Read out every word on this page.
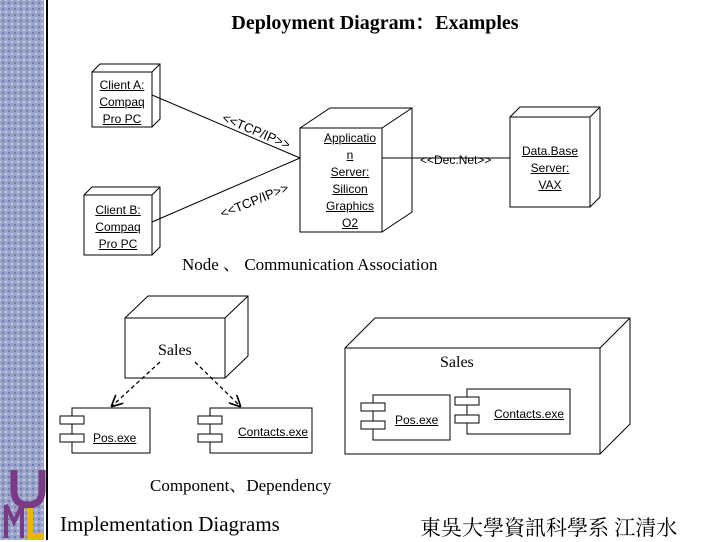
Deployment Diagram：Examples
Client A:
Compaq
Pro PC
Client B:
Compaq
Pro PC
Applicatio
n
Server:
Silicon
Graphics
O2
Data.Base
Server:
VAX
<<TCP/IP>>
<<TCP/IP>>
<<Dec.Net>>
Node 、 Communication Association
Sales
Sales
Pos.exe	Contacts.exe
Pos.exe	Contacts.exe
Component、Dependency
Implementation Diagrams	東吳大學資訊科學系 江清水
